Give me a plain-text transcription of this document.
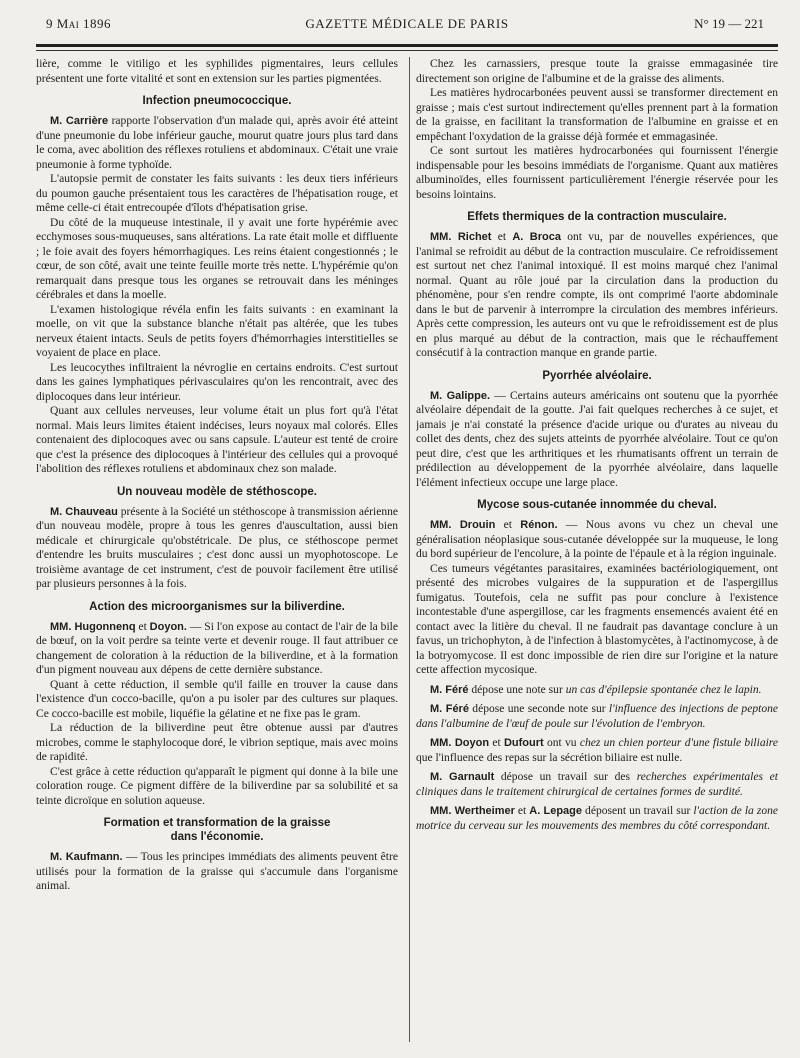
9 Mai 1896	GAZETTE MÉDICALE DE PARIS	N° 19 — 221

lière, comme le vitiligo et les syphilides pigmentaires, leurs cellules présentent une forte vitalité et sont en extension sur les parties pigmentées.

Infection pneumococcique.

M. Carrière rapporte l'observation d'un malade qui, après avoir été atteint d'une pneumonie du lobe inférieur gauche, mourut quatre jours plus tard dans le coma, avec abolition des réflexes rotuliens et abdominaux. C'était une vraie pneumonie à forme typhoïde.

L'autopsie permit de constater les faits suivants : les deux tiers inférieurs du poumon gauche présentaient tous les caractères de l'hépatisation rouge, et même celle-ci était entrecoupée d'îlots d'hépatisation grise.

Du côté de la muqueuse intestinale, il y avait une forte hypérémie avec ecchymoses sous-muqueuses, sans altérations. La rate était molle et diffluente ; le foie avait des foyers hémorrhagiques. Les reins étaient congestionnés ; le cœur, de son côté, avait une teinte feuille morte très nette. L'hypérémie qu'on remarquait dans presque tous les organes se retrouvait dans les méninges cérébrales et dans la moelle.

L'examen histologique révéla enfin les faits suivants : en examinant la moelle, on vit que la substance blanche n'était pas altérée, que les tubes nerveux étaient intacts. Seuls de petits foyers d'hémorrhagies interstitielles se voyaient de place en place.

Les leucocythes infiltraient la névroglie en certains endroits. C'est surtout dans les gaines lymphatiques périvasculaires qu'on les rencontrait, avec des diplocoques dans leur intérieur.

Quant aux cellules nerveuses, leur volume était un plus fort qu'à l'état normal. Mais leurs limites étaient indécises, leurs noyaux mal colorés. Elles contenaient des diplocoques avec ou sans capsule. L'auteur est tenté de croire que c'est la présence des diplocoques à l'intérieur des cellules qui a provoqué l'abolition des réflexes rotuliens et abdominaux chez son malade.

Un nouveau modèle de stéthoscope.

M. Chauveau présente à la Société un stéthoscope à transmission aérienne d'un nouveau modèle, propre à tous les genres d'auscultation, aussi bien médicale et chirurgicale qu'obstétricale. De plus, ce stéthoscope permet d'entendre les bruits musculaires ; c'est donc aussi un myophotoscope. Le troisième avantage de cet instrument, c'est de pouvoir facilement être utilisé par plusieurs personnes à la fois.

Action des microorganismes sur la biliverdine.

MM. Hugonnenq et Doyon. — Si l'on expose au contact de l'air de la bile de bœuf, on la voit perdre sa teinte verte et devenir rouge. Il faut attribuer ce changement de coloration à la réduction de la biliverdine, et à la formation d'un pigment nouveau aux dépens de cette dernière substance.

Quant à cette réduction, il semble qu'il faille en trouver la cause dans l'existence d'un cocco-bacille, qu'on a pu isoler par des cultures sur plaques. Ce cocco-bacille est mobile, liquéfie la gélatine et ne fixe pas le gram.

La réduction de la biliverdine peut être obtenue aussi par d'autres microbes, comme le staphylocoque doré, le vibrion septique, mais avec moins de rapidité.

C'est grâce à cette réduction qu'apparaît le pigment qui donne à la bile une coloration rouge. Ce pigment diffère de la biliverdine par sa solubilité et sa teinte dicroïque en solution aqueuse.

Formation et transformation de la graisse
dans l'économie.

M. Kaufmann. — Tous les principes immédiats des aliments peuvent être utilisés pour la formation de la graisse qui s'accumule dans l'organisme animal.

Chez les carnassiers, presque toute la graisse emmagasinée tire directement son origine de l'albumine et de la graisse des aliments.

Les matières hydrocarbonées peuvent aussi se transformer directement en graisse ; mais c'est surtout indirectement qu'elles prennent part à la formation de la graisse, en facilitant la transformation de l'albumine en graisse et en empêchant l'oxydation de la graisse déjà formée et emmagasinée.

Ce sont surtout les matières hydrocarbonées qui fournissent l'énergie indispensable pour les besoins immédiats de l'organisme. Quant aux matières albuminoïdes, elles fournissent particulièrement l'énergie réservée pour les besoins lointains.

Effets thermiques de la contraction musculaire.

MM. Richet et A. Broca ont vu, par de nouvelles expériences, que l'animal se refroidit au début de la contraction musculaire. Ce refroidissement est surtout net chez l'animal intoxiqué. Il est moins marqué chez l'animal normal. Quant au rôle joué par la circulation dans la production du phénomène, pour s'en rendre compte, ils ont comprimé l'aorte abdominale dans le but de parvenir à interrompre la circulation des membres inférieurs. Après cette compression, les auteurs ont vu que le refroidissement est de plus en plus marqué au début de la contraction, mais que le réchauffement consécutif à la contraction manque en grande partie.

Pyorrhée alvéolaire.

M. Galippe. — Certains auteurs américains ont soutenu que la pyorrhée alvéolaire dépendait de la goutte. J'ai fait quelques recherches à ce sujet, et jamais je n'ai constaté la présence d'acide urique ou d'urates au niveau du collet des dents, chez des sujets atteints de pyorrhée alvéolaire. Tout ce qu'on peut dire, c'est que les arthritiques et les rhumatisants offrent un terrain de prédilection au développement de la pyorrhée alvéolaire, dans laquelle l'élément infectieux occupe une large place.

Mycose sous-cutanée innommée du cheval.

MM. Drouin et Rénon. — Nous avons vu chez un cheval une généralisation néoplasique sous-cutanée développée sur la muqueuse, le long du bord supérieur de l'encolure, à la pointe de l'épaule et à la région inguinale.

Ces tumeurs végétantes parasitaires, examinées bactériologiquement, ont présenté des microbes vulgaires de la suppuration et de l'aspergillus fumigatus. Toutefois, cela ne suffit pas pour conclure à l'existence incontestable d'une aspergillose, car les fragments ensemencés avaient été en contact avec la litière du cheval. Il ne faudrait pas davantage conclure à un favus, un trichophyton, à de l'infection à blastomycètes, à l'actinomycose, à de la botryomycose. Il est donc impossible de rien dire sur l'origine et la nature cette affection mycosique.

M. Féré dépose une note sur un cas d'épilepsie spontanée chez le lapin.

M. Féré dépose une seconde note sur l'influence des injections de peptone dans l'albumine de l'œuf de poule sur l'évolution de l'embryon.

MM. Doyon et Dufourt ont vu chez un chien porteur d'une fistule biliaire que l'influence des repas sur la sécrétion biliaire est nulle.

M. Garnault dépose un travail sur des recherches expérimentales et cliniques dans le traitement chirurgical de certaines formes de surdité.

MM. Wertheimer et A. Lepage déposent un travail sur l'action de la zone motrice du cerveau sur les mouvements des membres du côté correspondant.
